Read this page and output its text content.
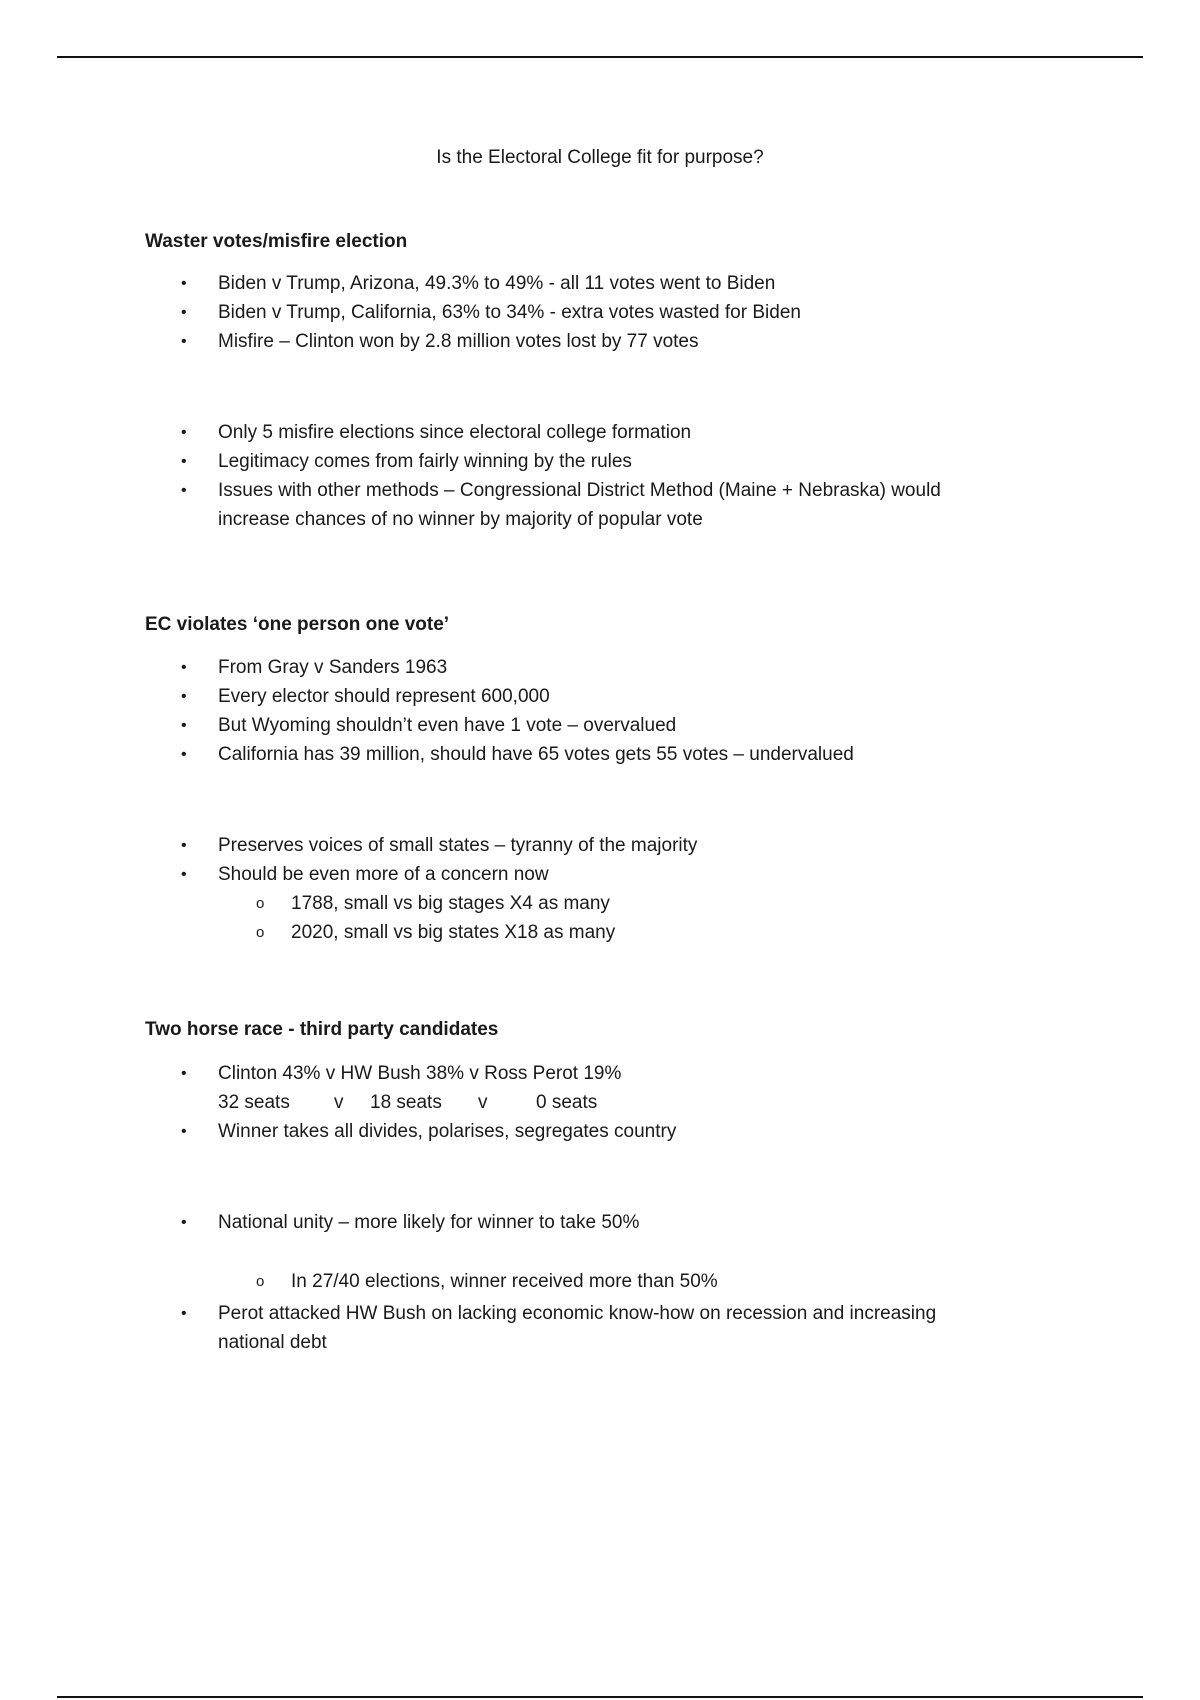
Is the Electoral College fit for purpose?
Waster votes/misfire election
• Biden v Trump, Arizona, 49.3% to 49% - all 11 votes went to Biden
• Biden v Trump, California, 63% to 34% - extra votes wasted for Biden
• Misfire – Clinton won by 2.8 million votes lost by 77 votes
• Only 5 misfire elections since electoral college formation
• Legitimacy comes from fairly winning by the rules
• Issues with other methods – Congressional District Method (Maine + Nebraska) would
increase chances of no winner by majority of popular vote
EC violates ‘one person one vote’
• From Gray v Sanders 1963
• Every elector should represent 600,000
• But Wyoming shouldn’t even have 1 vote – overvalued
• California has 39 million, should have 65 votes gets 55 votes – undervalued
• Preserves voices of small states – tyranny of the majority
• Should be even more of a concern now
o 1788, small vs big stages X4 as many
o 2020, small vs big states X18 as many
Two horse race - third party candidates
• Clinton 43% v HW Bush 38% v Ross Perot 19%
32 seats v 18 seats v	0 seats
• Winner takes all divides, polarises, segregates country
• National unity – more likely for winner to take 50%
o In 27/40 elections, winner received more than 50%
• Perot attacked HW Bush on lacking economic know-how on recession and increasing
national debt
